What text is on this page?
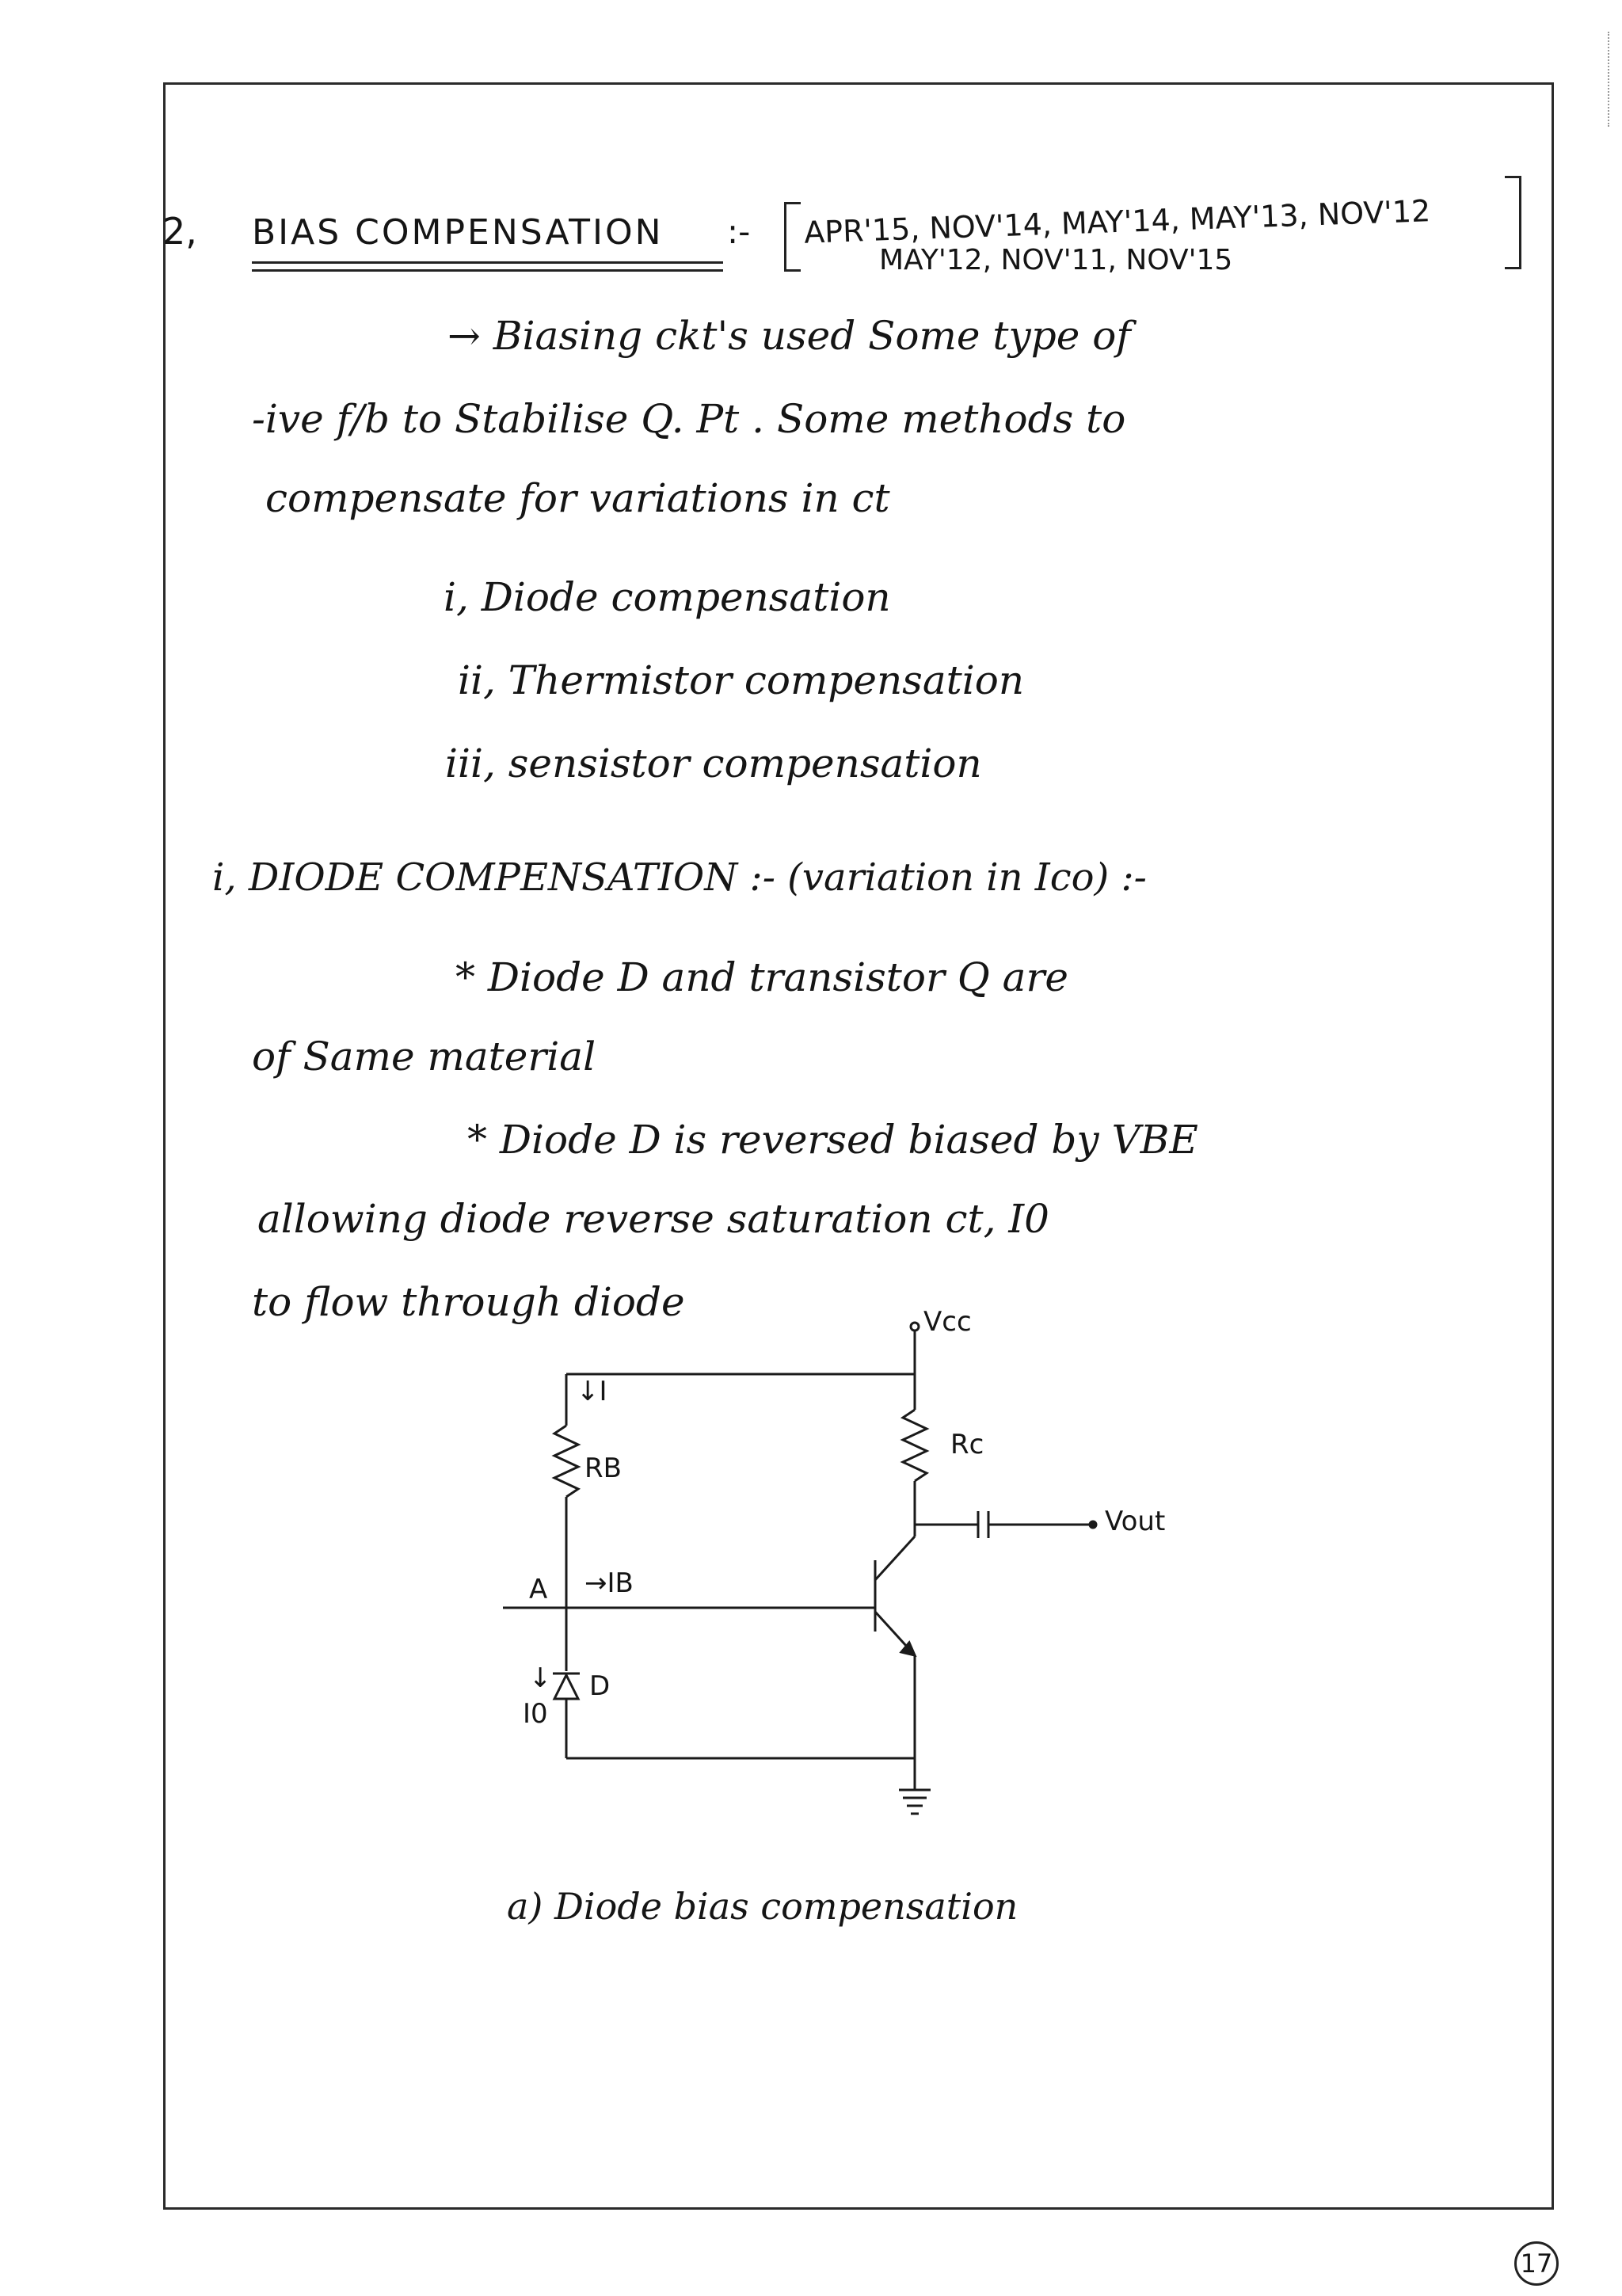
2, BIAS COMPENSATION :- APR'15, NOV'14, MAY'14, MAY'13, NOV'12
MAY'12, NOV'11, NOV'15
→ Biasing ckt's used Some type of
-ive f/b to Stabilise Q. Pt . Some methods to
compensate for variations in ct
i, Diode compensation
ii, Thermistor compensation
iii, sensistor compensation
i, DIODE COMPENSATION :- (variation in Ico) :-
* Diode D and transistor Q are
of Same material
* Diode D is reversed biased by VBE
allowing diode reverse saturation ct, I0
to flow through diode	Vcc
↓I
RB
Rc
Vout
A →IB
D
↓
I0
a) Diode bias compensation
17
